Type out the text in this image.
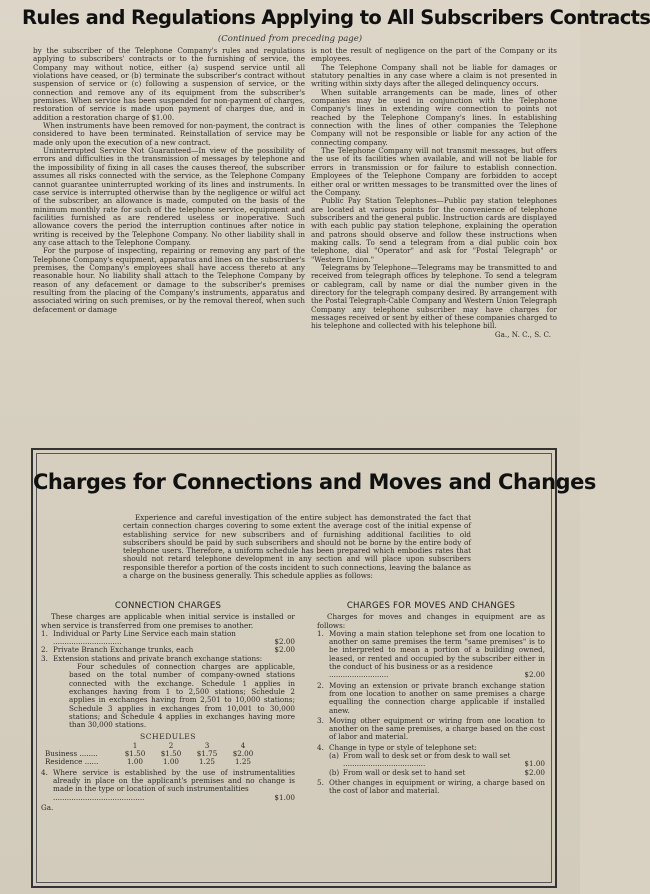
Rules and Regulations Applying to All Subscribers Contracts
(Continued from preceding page)

by the subscriber of the Telephone Company's rules and regulations applying to subscribers' contracts or to the furnishing of service, the Company may without notice, either (a) suspend service until all violations have ceased, or (b) terminate the subscriber's contract without suspension of service or (c) following a suspension of service, or the connection and remove any of its equipment from the subscriber's premises. When service has been suspended for non-payment of charges, restoration of service is made upon payment of charges due, and in addition a restoration charge of $1.00.

When instruments have been removed for non-payment, the contract is considered to have been terminated. Reinstallation of service may be made only upon the execution of a new contract.

Uninterrupted Service Not Guaranteed—In view of the possibility of errors and difficulties in the transmission of messages by telephone and the impossibility of fixing in all cases the causes thereof, the subscriber assumes all risks connected with the service, as the Telephone Company cannot guarantee uninterrupted working of its lines and instruments. In case service is interrupted otherwise than by the negligence or wilful act of the subscriber, an allowance is made, computed on the basis of the minimum monthly rate for such of the telephone service, equipment and facilities furnished as are rendered useless or inoperative. Such allowance covers the period the interruption continues after notice in writing is received by the Telephone Company. No other liability shall in any case attach to the Telephone Company.

For the purpose of inspecting, repairing or removing any part of the Telephone Company's equipment, apparatus and lines on the subscriber's premises, the Company's employees shall have access thereto at any reasonable hour. No liability shall attach to the Telephone Company by reason of any defacement or damage to the subscriber's premises resulting from the placing of the Company's instruments, apparatus and associated wiring on such premises, or by the removal thereof, when such defacement or damage

is not the result of negligence on the part of the Company or its employees.

The Telephone Company shall not be liable for damages or statutory penalties in any case where a claim is not presented in writing within sixty days after the alleged delinquency occurs.

When suitable arrangements can be made, lines of other companies may be used in conjunction with the Telephone Company's lines in extending wire connection to points not reached by the Telephone Company's lines. In establishing connection with the lines of other companies the Telephone Company will not be responsible or liable for any action of the connecting company.

The Telephone Company will not transmit messages, but offers the use of its facilities when available, and will not be liable for errors in transmission or for failure to establish connection. Employees of the Telephone Company are forbidden to accept either oral or written messages to be transmitted over the lines of the Company.

Public Pay Station Telephones—Public pay station telephones are located at various points for the convenience of telephone subscribers and the general public. Instruction cards are displayed with each public pay station telephone, explaining the operation and patrons should observe and follow these instructions when making calls. To send a telegram from a dial public coin box telephone, dial "Operator" and ask for "Postal Telegraph" or "Western Union."

Telegrams by Telephone—Telegrams may be transmitted to and received from telegraph offices by telephone. To send a telegram or cablegram, call by name or dial the number given in the directory for the telegraph company desired. By arrangement with the Postal Telegraph-Cable Company and Western Union Telegraph Company any telephone subscriber may have charges for messages received or sent by either of these companies charged to his telephone and collected with his telephone bill.

Ga., N. C., S. C.
Charges for Connections and Moves and Changes

Experience and careful investigation of the entire subject has demonstrated the fact that certain connection charges covering to some extent the average cost of the initial expense of establishing service for new subscribers and of furnishing additional facilities to old subscribers should be paid by such subscribers and should not be borne by the entire body of telephone users. Therefore, a uniform schedule has been prepared which embodies rates that should not retard telephone development in any section and will place upon subscribers responsible therefor a portion of the costs incident to such connections, leaving the balance as a charge on the business generally. This schedule applies as follows:

CONNECTION CHARGES

These charges are applicable when initial service is installed or when service is transferred from one premises to another.

1. Individual or Party Line Service each main station
..............................	$2.00
2. Private Branch Exchange trunks, each	$2.00
3. Extension stations and private branch exchange stations:

Four schedules of connection charges are applicable, based on the total number of company-owned stations connected with the exchange. Schedule 1 applies in exchanges having from 1 to 2,500 stations; Schedule 2 applies in exchanges having from 2,501 to 10,000 stations; Schedule 3 applies in exchanges from 10,001 to 30,000 stations; and Schedule 4 applies in exchanges having more than 30,000 stations.

SCHEDULES
	1	2	3	4
Business ........	$1.50	$1.50	$1.75	$2.00
Residence ......	1.00	1.00	1.25	1.25
4. Where service is established by the use of instrumentalities already in place on the applicant's premises and no change is made in the type or location of such instrumentalities
........................................	$1.00
Ga.
CHARGES FOR MOVES AND CHANGES

Charges for moves and changes in equipment are as follows:

1. Moving a main station telephone set from one location to another on same premises the term "same premises" is to be interpreted to mean a portion of a building owned, leased, or rented and occupied by the subscriber either in the conduct of his business or as a residence
..........................	$2.00
2. Moving an extension or private branch exchange station from one location to another on same premises a charge equalling the connection charge applicable if installed anew.
3. Moving other equipment or wiring from one location to another on the same premises, a charge based on the cost of labor and material.
4. Change in type or style of telephone set:
(a) From wall to desk set or from desk to wall set
....................................	$1.00
(b) From wall or desk set to hand set	$2.00
5. Other changes in equipment or wiring, a charge based on the cost of labor and material.
